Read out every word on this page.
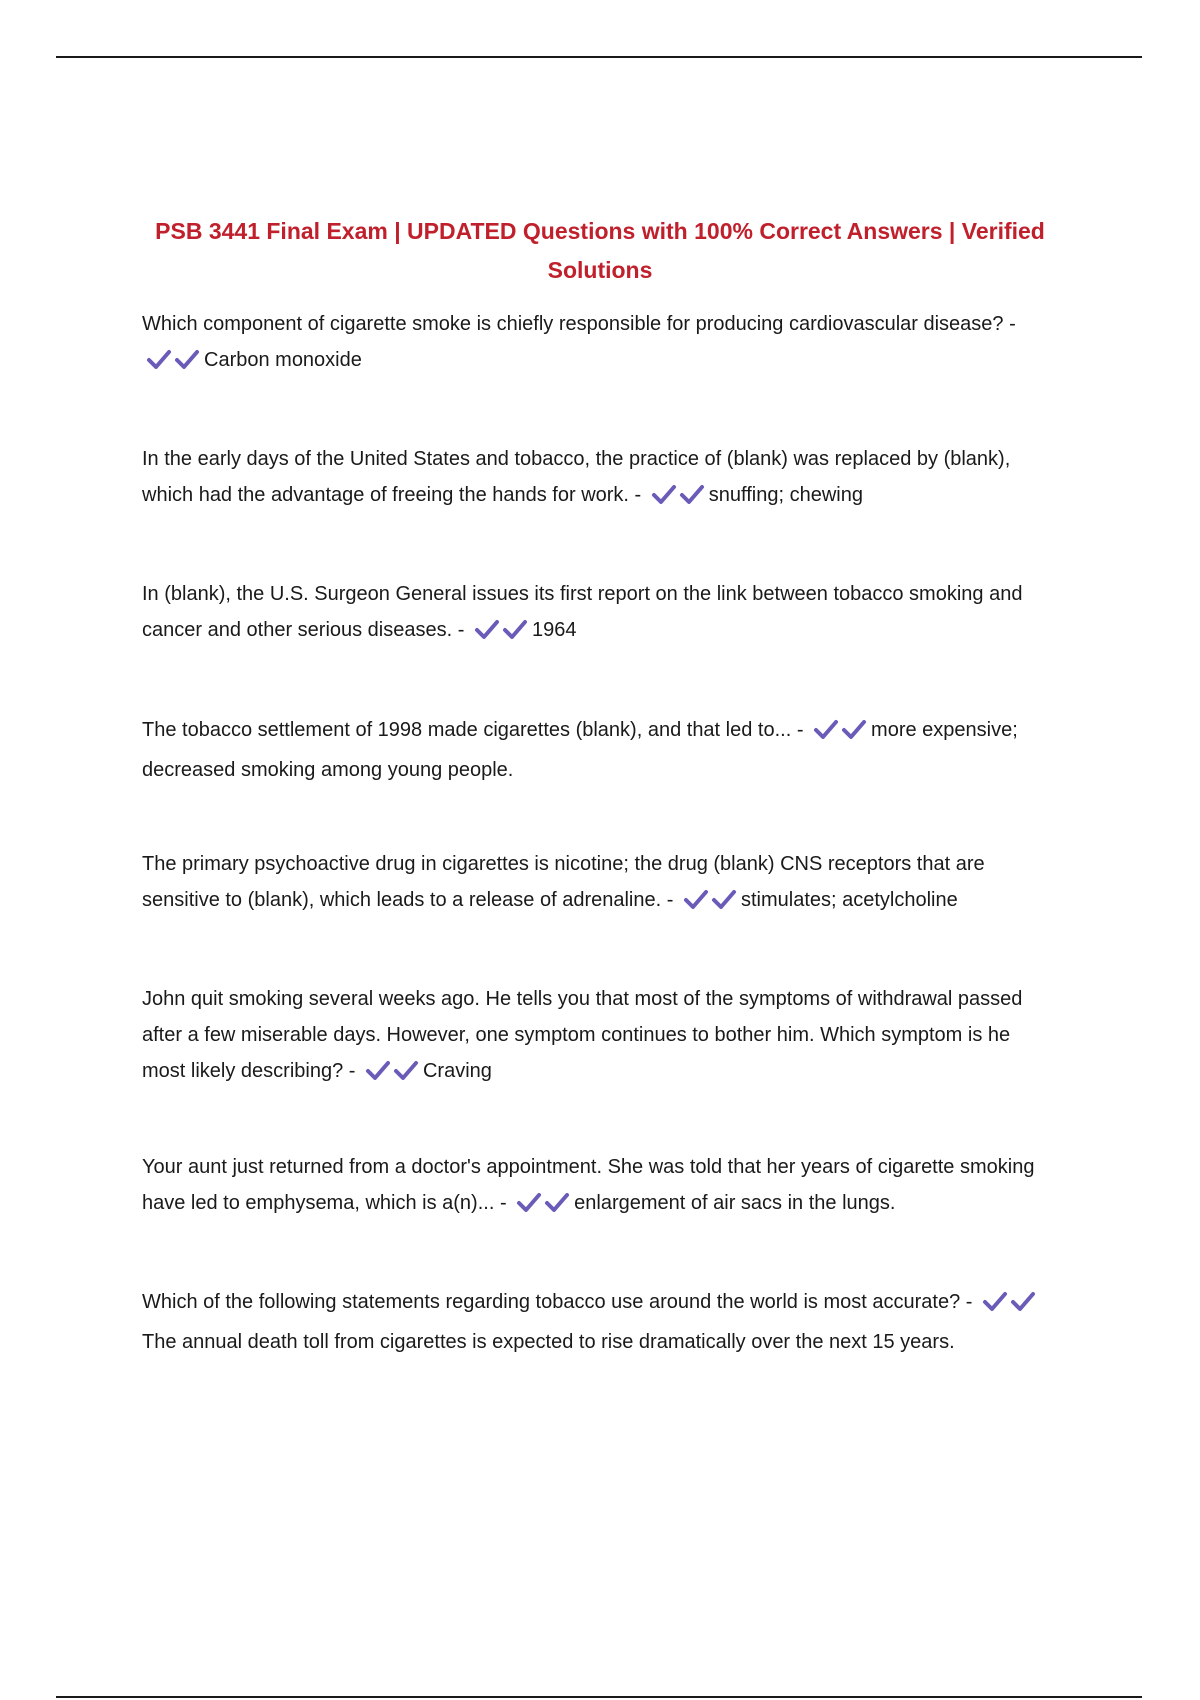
PSB 3441 Final Exam | UPDATED Questions with 100% Correct Answers | Verified Solutions

Which component of cigarette smoke is chiefly responsible for producing cardiovascular disease? - Carbon monoxide

In the early days of the United States and tobacco, the practice of (blank) was replaced by (blank), which had the advantage of freeing the hands for work. -	snuffing; chewing

In (blank), the U.S. Surgeon General issues its first report on the link between tobacco smoking and cancer and other serious diseases. -	1964

The tobacco settlement of 1998 made cigarettes (blank), and that led to... -	more expensive; decreased smoking among young people.

The primary psychoactive drug in cigarettes is nicotine; the drug (blank) CNS receptors that are sensitive to (blank), which leads to a release of adrenaline. -	stimulates; acetylcholine

John quit smoking several weeks ago. He tells you that most of the symptoms of withdrawal passed after a few miserable days. However, one symptom continues to bother him. Which symptom is he most likely describing? -	Craving

Your aunt just returned from a doctor's appointment. She was told that her years of cigarette smoking have led to emphysema, which is a(n)... -	enlargement of air sacs in the lungs.

Which of the following statements regarding tobacco use around the world is most accurate? - The annual death toll from cigarettes is expected to rise dramatically over the next 15 years.
